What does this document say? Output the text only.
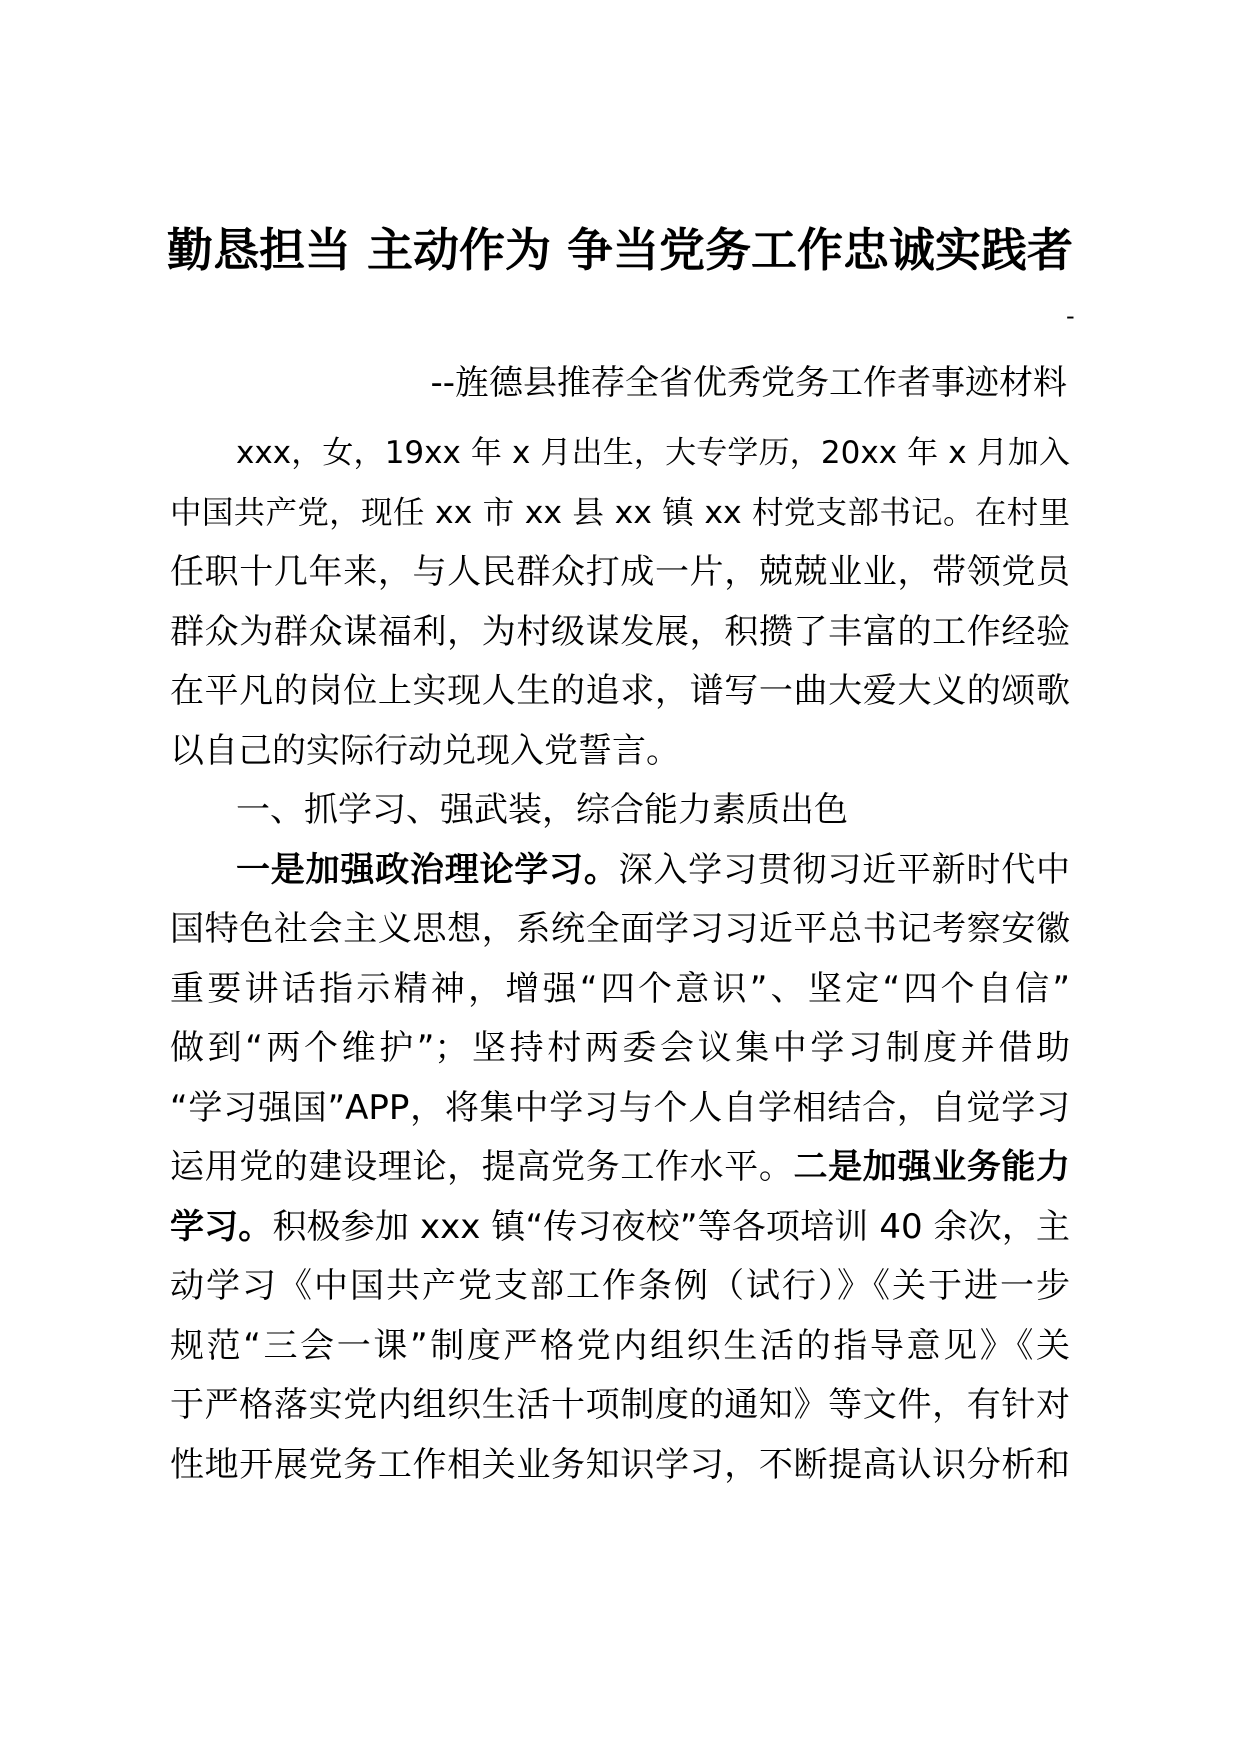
勤恳担当 主动作为 争当党务工作忠诚实践者
-
--旌德县推荐全省优秀党务工作者事迹材料
xxx，女，19xx 年 x 月出生，大专学历，20xx 年 x 月加入
中国共产党，现任 xx 市 xx 县 xx 镇 xx 村党支部书记。在村里
任职十几年来，与人民群众打成一片，兢兢业业，带领党员
群众为群众谋福利，为村级谋发展，积攒了丰富的工作经验
在平凡的岗位上实现人生的追求，谱写一曲大爱大义的颂歌
以自己的实际行动兑现入党誓言。
一、抓学习、强武装，综合能力素质出色
一是加强政治理论学习。深入学习贯彻习近平新时代中
国特色社会主义思想，系统全面学习习近平总书记考察安徽
重要讲话指示精神，增强“四个意识”、坚定“四个自信”
做到“两个维护”；坚持村两委会议集中学习制度并借助
“学习强国”APP，将集中学习与个人自学相结合，自觉学习
运用党的建设理论，提高党务工作水平。二是加强业务能力
学习。积极参加 xxx 镇“传习夜校”等各项培训 40 余次，主
动学习《中国共产党支部工作条例（试行）》《关于进一步
规范“三会一课”制度严格党内组织生活的指导意见》《关
于严格落实党内组织生活十项制度的通知》等文件，有针对
性地开展党务工作相关业务知识学习，不断提高认识分析和
